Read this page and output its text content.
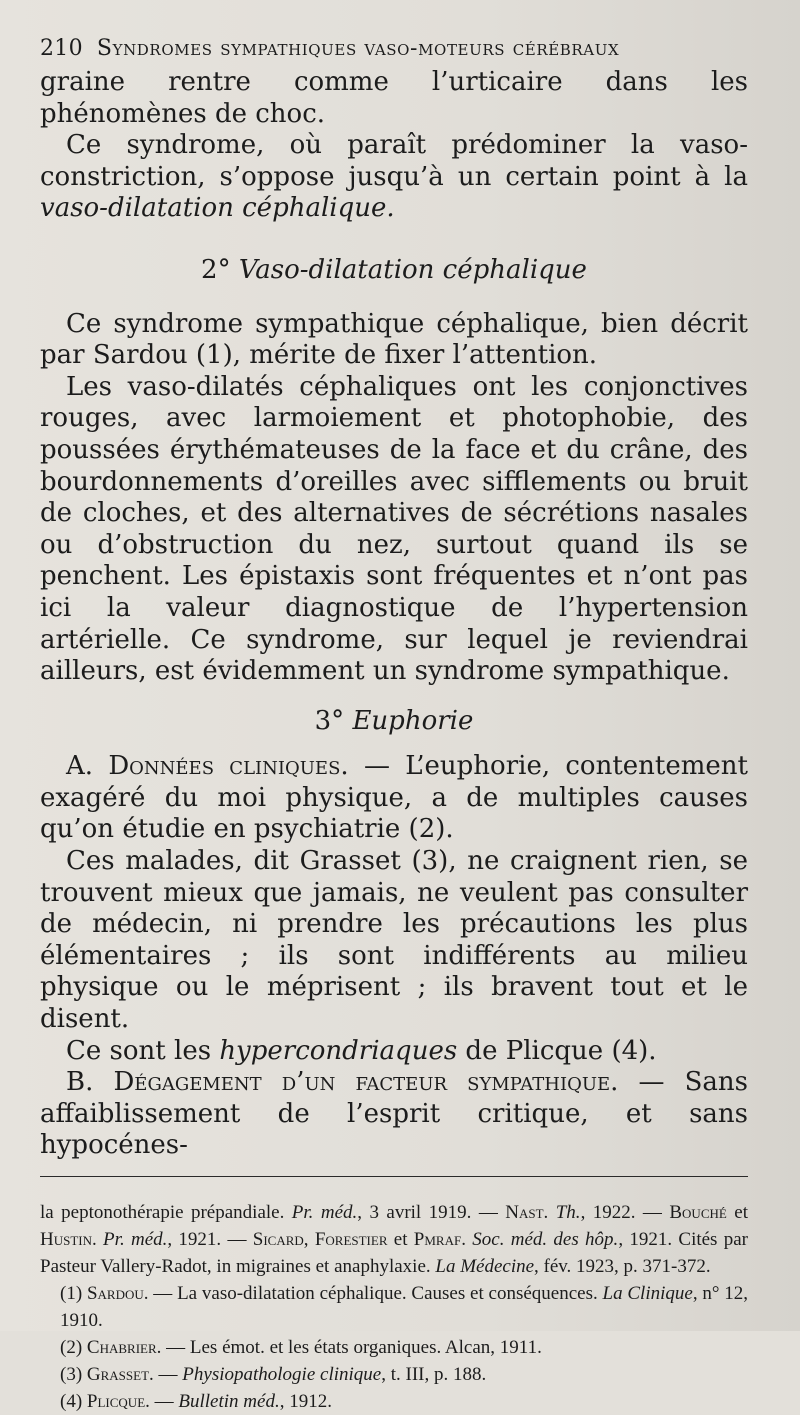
210 Syndromes sympathiques vaso-moteurs cérébraux

graine rentre comme l’urticaire dans les phénomènes de choc.

Ce syndrome, où paraît prédominer la vaso-constriction, s’oppose jusqu’à un certain point à la vaso-dilatation céphalique.

2° Vaso-dilatation céphalique

Ce syndrome sympathique céphalique, bien décrit par Sardou (1), mérite de fixer l’attention.

Les vaso-dilatés céphaliques ont les conjonctives rouges, avec larmoiement et photophobie, des poussées érythémateuses de la face et du crâne, des bourdonnements d’oreilles avec sifflements ou bruit de cloches, et des alternatives de sécrétions nasales ou d’obstruction du nez, surtout quand ils se penchent. Les épistaxis sont fréquentes et n’ont pas ici la valeur diagnostique de l’hypertension artérielle. Ce syndrome, sur lequel je reviendrai ailleurs, est évidemment un syndrome sympathique.

3° Euphorie

A. Données cliniques. — L’euphorie, contentement exagéré du moi physique, a de multiples causes qu’on étudie en psychiatrie (2).

Ces malades, dit Grasset (3), ne craignent rien, se trouvent mieux que jamais, ne veulent pas consulter de médecin, ni prendre les précautions les plus élémentaires ; ils sont indifférents au milieu physique ou le méprisent ; ils bravent tout et le disent.

Ce sont les hypercondriaques de Plicque (4).

B. Dégagement d’un facteur sympathique. — Sans affaiblissement de l’esprit critique, et sans hypocénes-

la peptonothérapie prépandiale. Pr. méd., 3 avril 1919. — Nast. Th., 1922. — Bouché et Hustin. Pr. méd., 1921. — Sicard, Forestier et Pmraf. Soc. méd. des hôp., 1921. Cités par Pasteur Vallery-Radot, in migraines et anaphylaxie. La Médecine, fév. 1923, p. 371-372.

(1) Sardou. — La vaso-dilatation céphalique. Causes et conséquences. La Clinique, n° 12, 1910.

(2) Chabrier. — Les émot. et les états organiques. Alcan, 1911.

(3) Grasset. — Physiopathologie clinique, t. III, p. 188.

(4) Plicque. — Bulletin méd., 1912.
